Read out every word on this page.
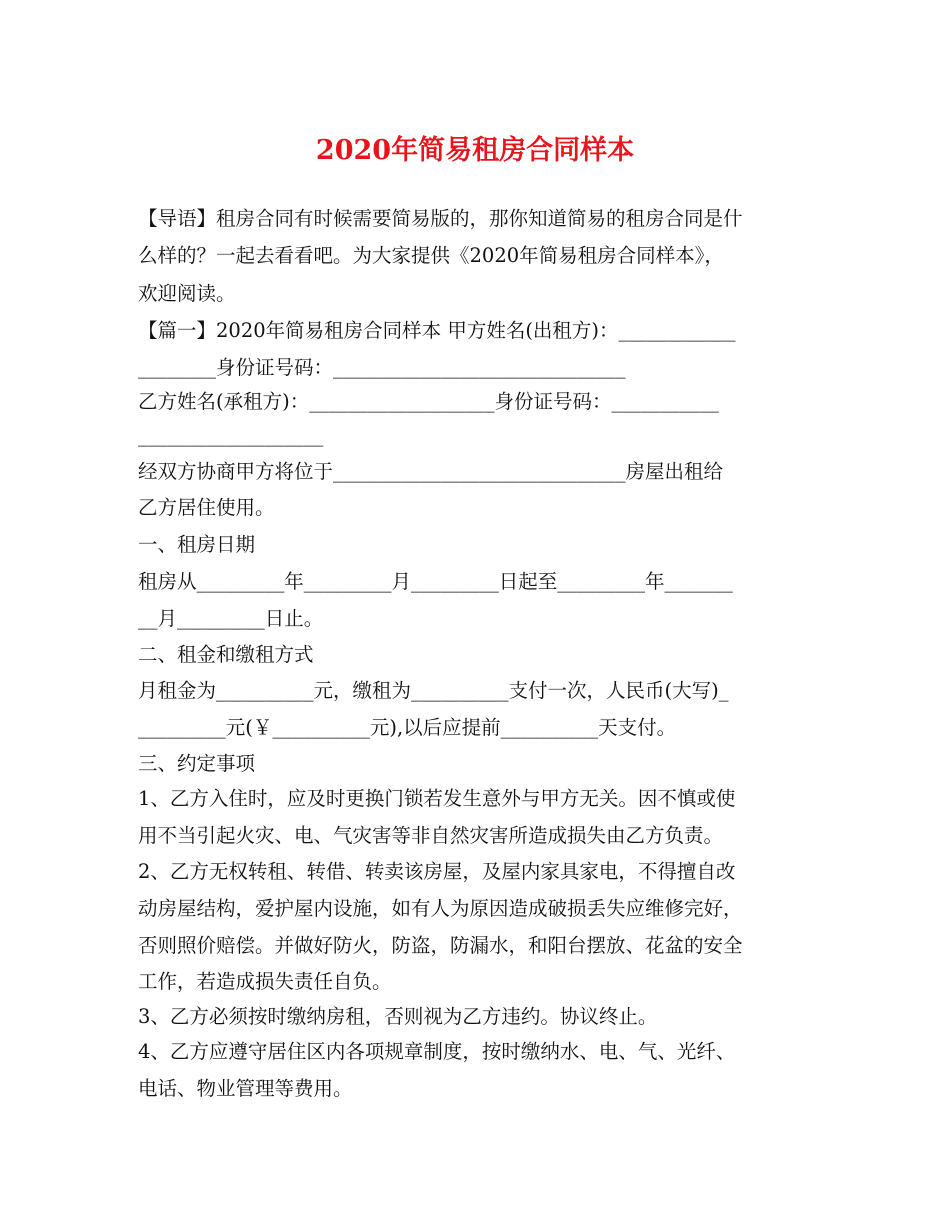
2020年简易租房合同样本
【导语】租房合同有时候需要简易版的，那你知道简易的租房合同是什
么样的？一起去看看吧。为大家提供《2020年简易租房合同样本》，
欢迎阅读。
【篇一】2020年简易租房合同样本 甲方姓名(出租方)：____________
________身份证号码：______________________________
乙方姓名(承租方)：___________________身份证号码：___________
___________________
经双方协商甲方将位于______________________________房屋出租给
乙方居住使用。
一、租房日期
租房从_________年_________月_________日起至_________年_______
__月_________日止。
二、租金和缴租方式
月租金为__________元，缴租为__________支付一次，人民币(大写)_
_________元(￥__________元),以后应提前__________天支付。
三、约定事项
1、乙方入住时，应及时更换门锁若发生意外与甲方无关。因不慎或使
用不当引起火灾、电、气灾害等非自然灾害所造成损失由乙方负责。
2、乙方无权转租、转借、转卖该房屋，及屋内家具家电，不得擅自改
动房屋结构，爱护屋内设施，如有人为原因造成破损丢失应维修完好，
否则照价赔偿。并做好防火，防盗，防漏水，和阳台摆放、花盆的安全
工作，若造成损失责任自负。
3、乙方必须按时缴纳房租，否则视为乙方违约。协议终止。
4、乙方应遵守居住区内各项规章制度，按时缴纳水、电、气、光纤、
电话、物业管理等费用。
